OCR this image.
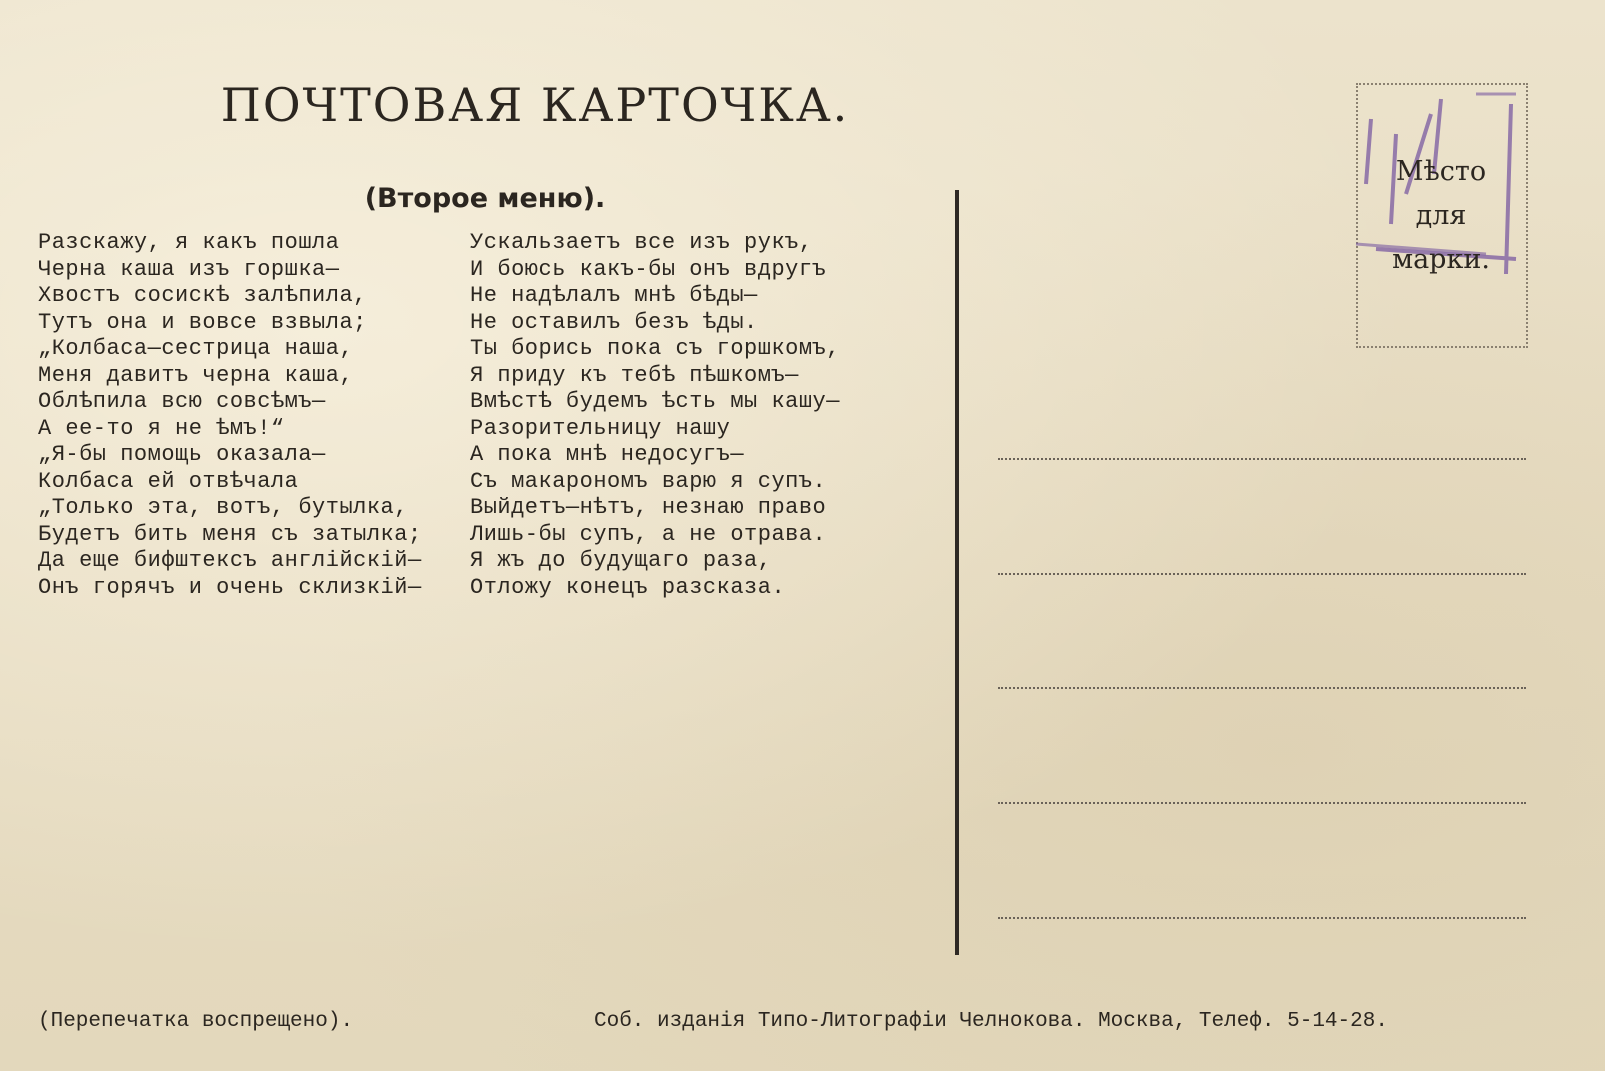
ПОЧТОВАЯ КАРТОЧКА.
(Второе меню).
Разскажу, я какъ пошла
Черна каша изъ горшка—
Хвостъ сосискѣ залѣпила,
Тутъ она и вовсе взвыла;
„Колбаса—сестрица наша,
Меня давитъ черна каша,
Облѣпила всю совсѣмъ—
А ее-то я не ѣмъ!“
„Я-бы помощь оказала—
Колбаса ей отвѣчала
„Только эта, вотъ, бутылка,
Будетъ бить меня съ затылка;
Да еще бифштексъ англійскій—
Онъ горячъ и очень склизкій—
Ускальзаетъ все изъ рукъ,
И боюсь какъ-бы онъ вдругъ
Не надѣлалъ мнѣ бѣды—
Не оставилъ безъ ѣды.
Ты борись пока съ горшкомъ,
Я приду къ тебѣ пѣшкомъ—
Вмѣстѣ будемъ ѣсть мы кашу—
Разорительницу нашу
А пока мнѣ недосугъ—
Съ макарономъ варю я супъ.
Выйдетъ—нѣтъ, незнаю право
Лишь-бы супъ, а не отрава.
Я жъ до будущаго раза,
Отложу конецъ разсказа.
Мѣсто
для
марки.
(Перепечатка воспрещено).	Соб. изданія Типо-Литографіи Челнокова. Москва, Телеф. 5-14-28.
